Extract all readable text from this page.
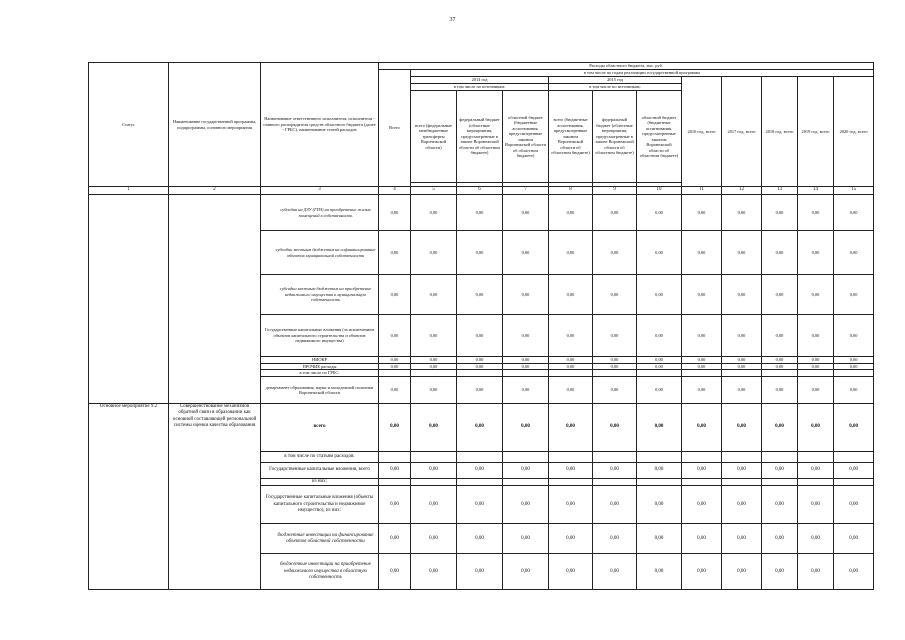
37
Статус	Наименование государственной программы, подпрограммы, основного мероприятия	Наименование ответственного исполнителя, исполнителя - главного распорядителя средств областного бюджета (далее - ГРБС), наименование статей расходов	Расходы областного бюджета, тыс. руб.											
			Всего	в том числе по годам реализации государственной программы										
				2014 год			2015 год			2016 год, всего	2017 год, всего	2018 год, всего	2019 год, всего	2020 год, всего
				в том числе по источникам:			в том числе по источникам:							
				всего (федеральные межбюджетные трансферты Воронежской области)	федеральный бюджет (областные мероприятия, предусмотренные в законе Воронежской области об областном бюджете)	областной бюджет (бюджетные ассигнования, предусмотренные законом Воронежской области об областном бюджете)	всего (бюджетные ассигнования, предусмотренные законом Воронежской области об областном бюджете)	федеральный бюджет (областные мероприятия, предусмотренные в законе Воронежской области об областном бюджете)	областной бюджет (бюджетные ассигнования, предусмотренные законом Воронежской области об областном бюджете)					

1	2	3	4	5	6	7	8	9	10	11	12	13	14	15
		субсидии на ДЗУ (ГПЗ) на приобретение жилых помещений в собственность	0,00	0,00	0,00	0,00	0,00	0,00	0,00	0,00	0,00	0,00	0,00	0,00
		субсидии местным бюджетам на софинансирование объектов муниципальной собственности	0,00	0,00	0,00	0,00	0,00	0,00	0,00	0,00	0,00	0,00	0,00	0,00
		субсидии местным бюджетам на приобретение недвижимого имущества в муниципальную собственность	0,00	0,00	0,00	0,00	0,00	0,00	0,00	0,00	0,00	0,00	0,00	0,00
		Государственные капитальные вложения (за исключением объектов капитального строительства и объектов недвижимого имущества)	0,00	0,00	0,00	0,00	0,00	0,00	0,00	0,00	0,00	0,00	0,00	0,00
		НИОКР	0,00	0,00	0,00	0,00	0,00	0,00	0,00	0,00	0,00	0,00	0,00	0,00
		ПРОЧИЕ расходы	0,00	0,00	0,00	0,00	0,00	0,00	0,00	0,00	0,00	0,00	0,00	0,00
		в том числе по ГРБС:												
		департамент образования, науки и молодежной политики Воронежской области	0,00	0,00	0,00	0,00	0,00	0,00	0,00	0,00	0,00	0,00	0,00	0,00
Основное мероприятие 9.2	Совершенствование механизмов обратной связи в образовании как основной составляющей региональной системы оценки качества образования	всего	0,00	0,00	0,00	0,00	0,00	0,00	0,00	0,00	0,00	0,00	0,00	0,00
		в том числе по статьям расходов:												
		Государственные капитальные вложения, всего	0,00	0,00	0,00	0,00	0,00	0,00	0,00	0,00	0,00	0,00	0,00	0,00
		из них:												
		Государственные капитальные вложения (объекты капитального строительства и недвижимое имущество), из них:	0,00	0,00	0,00	0,00	0,00	0,00	0,00	0,00	0,00	0,00	0,00	0,00
		бюджетные инвестиции на финансирование объектов областной собственности	0,00	0,00	0,00	0,00	0,00	0,00	0,00	0,00	0,00	0,00	0,00	0,00
		бюджетные инвестиции на приобретение недвижимого имущества в областную собственность	0,00	0,00	0,00	0,00	0,00	0,00	0,00	0,00	0,00	0,00	0,00	0,00
